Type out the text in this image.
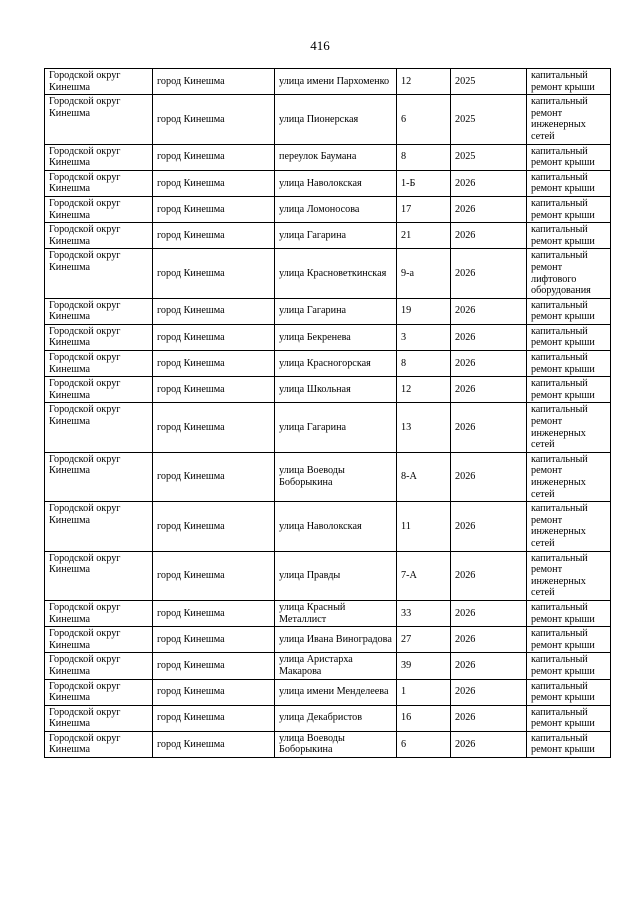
416
Городской округ Кинешма	город Кинешма	улица имени Пархоменко	12	2025	капитальный ремонт крыши
Городской округ Кинешма	город Кинешма	улица Пионерская	6	2025	капитальный ремонт инженерных сетей
Городской округ Кинешма	город Кинешма	переулок Баумана	8	2025	капитальный ремонт крыши
Городской округ Кинешма	город Кинешма	улица Наволокская	1-Б	2026	капитальный ремонт крыши
Городской округ Кинешма	город Кинешма	улица Ломоносова	17	2026	капитальный ремонт крыши
Городской округ Кинешма	город Кинешма	улица Гагарина	21	2026	капитальный ремонт крыши
Городской округ Кинешма	город Кинешма	улица Красноветкинская	9-а	2026	капитальный ремонт лифтового оборудования
Городской округ Кинешма	город Кинешма	улица Гагарина	19	2026	капитальный ремонт крыши
Городской округ Кинешма	город Кинешма	улица Бекренева	3	2026	капитальный ремонт крыши
Городской округ Кинешма	город Кинешма	улица Красногорская	8	2026	капитальный ремонт крыши
Городской округ Кинешма	город Кинешма	улица Школьная	12	2026	капитальный ремонт крыши
Городской округ Кинешма	город Кинешма	улица Гагарина	13	2026	капитальный ремонт инженерных сетей
Городской округ Кинешма	город Кинешма	улица Воеводы Боборыкина	8-А	2026	капитальный ремонт инженерных сетей
Городской округ Кинешма	город Кинешма	улица Наволокская	11	2026	капитальный ремонт инженерных сетей
Городской округ Кинешма	город Кинешма	улица Правды	7-А	2026	капитальный ремонт инженерных сетей
Городской округ Кинешма	город Кинешма	улица Красный Металлист	33	2026	капитальный ремонт крыши
Городской округ Кинешма	город Кинешма	улица Ивана Виноградова	27	2026	капитальный ремонт крыши
Городской округ Кинешма	город Кинешма	улица Аристарха Макарова	39	2026	капитальный ремонт крыши
Городской округ Кинешма	город Кинешма	улица имени Менделеева	1	2026	капитальный ремонт крыши
Городской округ Кинешма	город Кинешма	улица Декабристов	16	2026	капитальный ремонт крыши
Городской округ Кинешма	город Кинешма	улица Воеводы Боборыкина	6	2026	капитальный ремонт крыши
